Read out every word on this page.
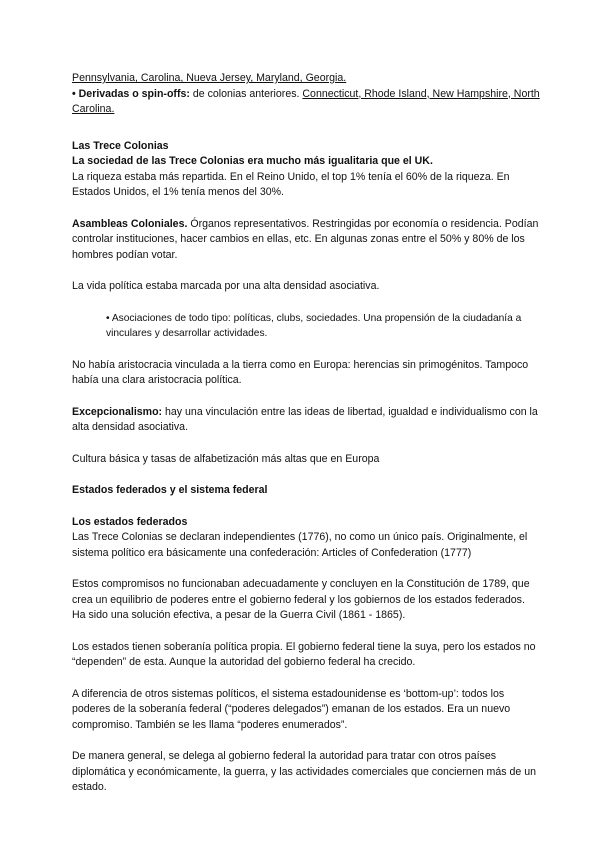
Pennsylvania, Carolina, Nueva Jersey, Maryland, Georgia.

• Derivadas o spin-offs: de colonias anteriores. Connecticut, Rhode Island, New Hampshire, North Carolina.

Las Trece Colonias

La sociedad de las Trece Colonias era mucho más igualitaria que el UK.

La riqueza estaba más repartida. En el Reino Unido, el top 1% tenía el 60% de la riqueza. En Estados Unidos, el 1% tenía menos del 30%.

Asambleas Coloniales. Órganos representativos. Restringidas por economía o residencia. Podían controlar instituciones, hacer cambios en ellas, etc. En algunas zonas entre el 50% y 80% de los hombres podían votar.

La vida política estaba marcada por una alta densidad asociativa.

• Asociaciones de todo tipo: políticas, clubs, sociedades. Una propensión de la ciudadanía a vinculares y desarrollar actividades.

No había aristocracia vinculada a la tierra como en Europa: herencias sin primogénitos. Tampoco había una clara aristocracia política.

Excepcionalismo: hay una vinculación entre las ideas de libertad, igualdad e individualismo con la alta densidad asociativa.

Cultura básica y tasas de alfabetización más altas que en Europa

Estados federados y el sistema federal

Los estados federados

Las Trece Colonias se declaran independientes (1776), no como un único país. Originalmente, el sistema político era básicamente una confederación: Articles of Confederation (1777)

Estos compromisos no funcionaban adecuadamente y concluyen en la Constitución de 1789, que crea un equilibrio de poderes entre el gobierno federal y los gobiernos de los estados federados. Ha sido una solución efectiva, a pesar de la Guerra Civil (1861 - 1865).

Los estados tienen soberanía política propia. El gobierno federal tiene la suya, pero los estados no “dependen” de esta. Aunque la autoridad del gobierno federal ha crecido.

A diferencia de otros sistemas políticos, el sistema estadounidense es ‘bottom-up’: todos los poderes de la soberanía federal (“poderes delegados”) emanan de los estados. Era un nuevo compromiso. También se les llama “poderes enumerados”.

De manera general, se delega al gobierno federal la autoridad para tratar con otros países diplomática y económicamente, la guerra, y las actividades comerciales que conciernen más de un estado.
